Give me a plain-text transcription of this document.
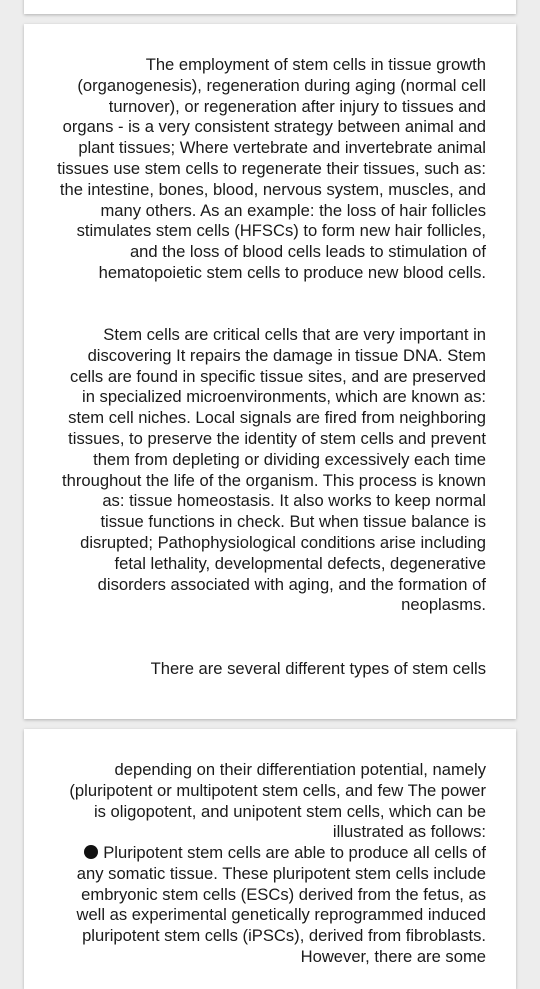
The employment of stem cells in tissue growth (organogenesis), regeneration during aging (normal cell turnover), or regeneration after injury to tissues and organs - is a very consistent strategy between animal and plant tissues; Where vertebrate and invertebrate animal tissues use stem cells to regenerate their tissues, such as: the intestine, bones, blood, nervous system, muscles, and many others. As an example: the loss of hair follicles stimulates stem cells (HFSCs) to form new hair follicles, and the loss of blood cells leads to stimulation of hematopoietic stem cells to produce new blood cells.

Stem cells are critical cells that are very important in discovering It repairs the damage in tissue DNA. Stem cells are found in specific tissue sites, and are preserved in specialized microenvironments, which are known as: stem cell niches. Local signals are fired from neighboring tissues, to preserve the identity of stem cells and prevent them from depleting or dividing excessively each time throughout the life of the organism. This process is known as: tissue homeostasis. It also works to keep normal tissue functions in check. But when tissue balance is disrupted; Pathophysiological conditions arise including fetal lethality, developmental defects, degenerative disorders associated with aging, and the formation of neoplasms.

There are several different types of stem cells

depending on their differentiation potential, namely (pluripotent or multipotent stem cells, and few The power is oligopotent, and unipotent stem cells, which can be illustrated as follows:

Pluripotent stem cells are able to produce all cells of any somatic tissue. These pluripotent stem cells include embryonic stem cells (ESCs) derived from the fetus, as well as experimental genetically reprogrammed induced pluripotent stem cells (iPSCs), derived from fibroblasts. However, there are some
